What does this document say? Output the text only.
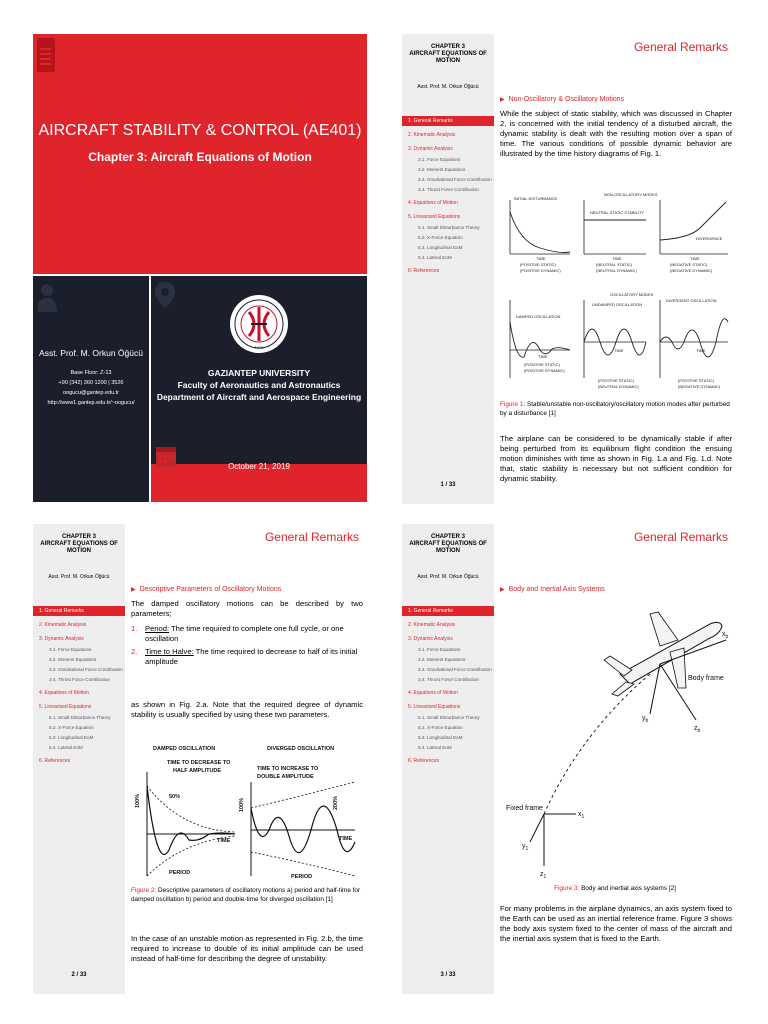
AIRCRAFT STABILITY & CONTROL (AE401)
Chapter 3: Aircraft Equations of Motion
Asst. Prof. M. Orkun Öğücü
Base Floor: Z-13
+90 (342) 360 1200 | 3526
oogucu@gantep.edu.tr
http://www1.gantep.edu.tr/~oogucu/
1973
GAZIANTEP UNIVERSITY
Faculty of Aeronautics and Astronautics
Department of Aircraft and Aerospace Engineering
October 21, 2019
CHAPTER 3
AIRCRAFT EQUATIONS OF
MOTION
Asst. Prof. M. Orkun Öğücü
1. General Remarks
2. Kinematic Analysis
3. Dynamic Analysis
3.1. Force Equations
3.2. Moment Equations
3.3. Gravitational Force Contribution
3.4. Thrust Force Contribution
4. Equations of Motion
5. Linearized Equations
5.1. Small Disturbance Theory
5.2. X-Force Equation
5.3. Longitudinal EoM
5.4. Lateral EoM
6. References
1 / 33
General Remarks
▶ Non-Oscillatory & Oscillatory Motions
While the subject of static stability, which was discussed in Chapter 2, is concerned with the initial tendency of a disturbed aircraft, the dynamic stability is dealt with the resulting motion over a span of time. The various conditions of possible dynamic behavior are illustrated by the time history diagrams of Fig. 1.
INITIAL DISTURBANCE
TIME
(POSITIVE STATIC)
(POSITIVE DYNAMIC)
NON-OSCILLATORY MODES
NEUTRAL STATIC STABILITY
TIME
(NEUTRAL STATIC)
(NEUTRAL DYNAMIC)
DIVERGENCE
TIME
(NEGATIVE STATIC)
(NEGATIVE DYNAMIC)
OSCILLATORY MODES
DAMPED OSCILLATION
TIME
(POSITIVE STATIC)
(POSITIVE DYNAMIC)
UNDAMPED OSCILLATION
TIME
(POSITIVE STATIC)
(NEUTRAL DYNAMIC)
DIVERGENT OSCILLATION
TIME
(POSITIVE STATIC)
(NEGATIVE DYNAMIC)
Figure 1: Stable/unstable non-oscillatory/oscillatory motion modes after perturbed by a disturbance [1]
The airplane can be considered to be dynamically stable if after being perturbed from its equilibrium flight condition the ensuing motion diminishes with time as shown in Fig. 1.a and Fig. 1.d. Note that, static stability is necessary but not sufficient condition for dynamic stability.
CHAPTER 3
AIRCRAFT EQUATIONS OF
MOTION
Asst. Prof. M. Orkun Öğücü
1. General Remarks
2. Kinematic Analysis
3. Dynamic Analysis
3.1. Force Equations
3.2. Moment Equations
3.3. Gravitational Force Contribution
3.4. Thrust Force Contribution
4. Equations of Motion
5. Linearized Equations
5.1. Small Disturbance Theory
5.2. X-Force Equation
5.3. Longitudinal EoM
5.4. Lateral EoM
6. References
2 / 33
General Remarks
▶ Descriptive Parameters of Oscillatory Motions
The damped oscillatory motions can be described by two parameters;
1. Period: The time required to complete one full cycle, or one oscillation
2. Time to Halve: The time required to decrease to half of its initial amplitude
as shown in Fig. 2.a. Note that the required degree of dynamic stability is usually specified by using these two parameters.
DAMPED OSCILLATION	DIVERGED OSCILLATION
TIME TO DECREASE TO
HALF AMPLITUDE	TIME TO INCREASE TO
DOUBLE AMPLITUDE
100%	50%
TIME
PERIOD
100%	200%
TIME
PERIOD
Figure 2: Descriptive parameters of oscillatory motions a) period and half-time for damped oscillation b) period and double-time for diverged oscillation [1]
In the case of an unstable motion as represented in Fig. 2.b, the time required to increase to double of its initial amplitude can be used instead of half-time for describing the degree of unstability.
CHAPTER 3
AIRCRAFT EQUATIONS OF
MOTION
Asst. Prof. M. Orkun Öğücü
1. General Remarks
2. Kinematic Analysis
3. Dynamic Analysis
3.1. Force Equations
3.2. Moment Equations
3.3. Gravitational Force Contribution
3.4. Thrust Force Contribution
4. Equations of Motion
5. Linearized Equations
5.1. Small Disturbance Theory
5.2. X-Force Equation
5.3. Longitudinal EoM
5.4. Lateral EoM
6. References
3 / 33
General Remarks
▶ Body and Inertial Axis Systems
$x_b$
$y_b$
$z_b$
Body frame
Fixed frame
$x_1$
$y_1$
$z_1$
Figure 3: Body and inertial axis systems [2]
For many problems in the airplane dynamics, an axis system fixed to the Earth can be used as an inertial reference frame. Figure 3 shows the body axis system fixed to the center of mass of the aircraft and the inertial axis system that is fixed to the Earth.
